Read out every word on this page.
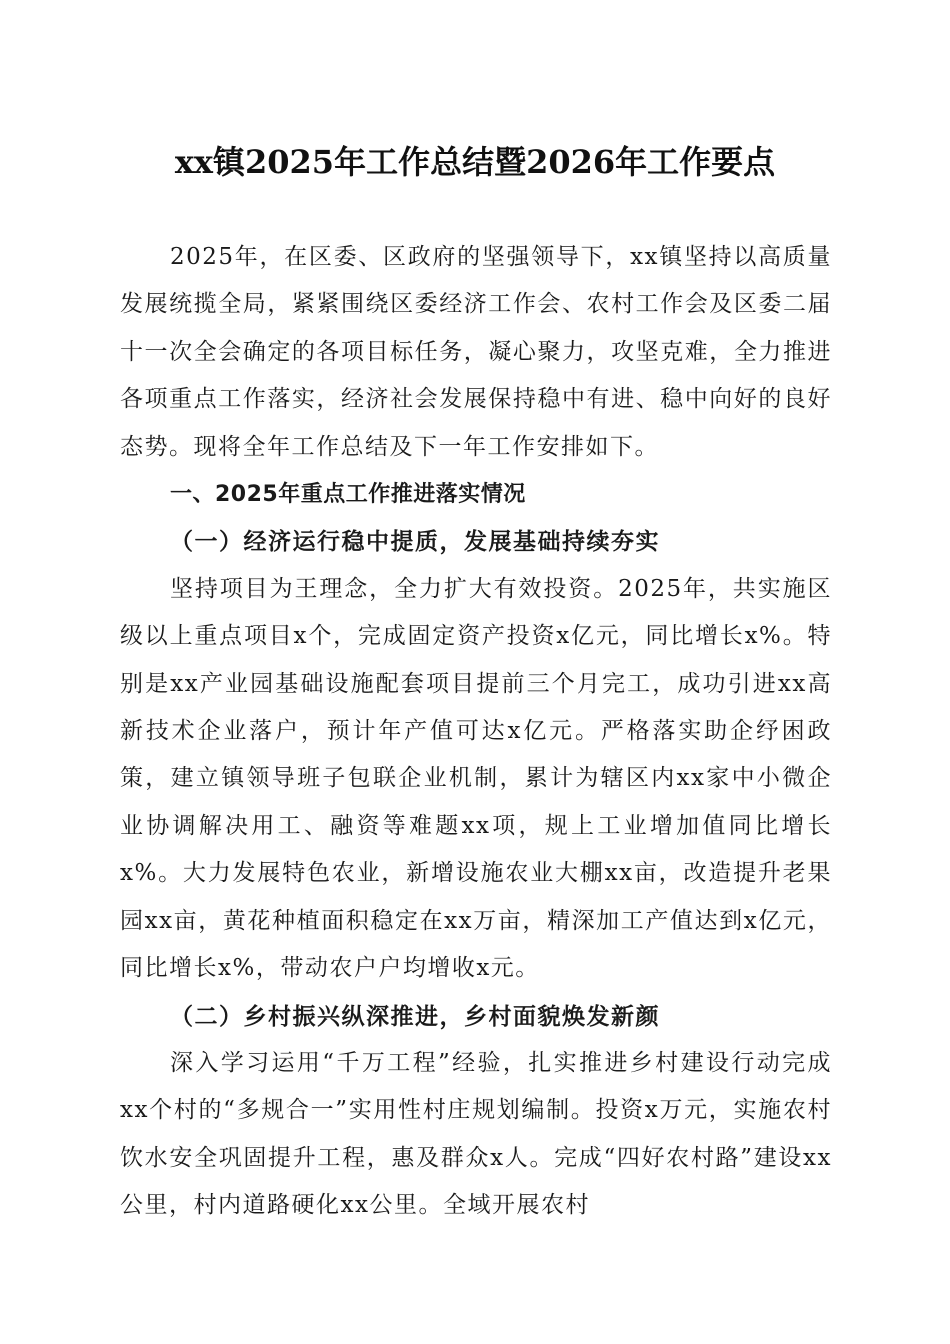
xx镇2025年工作总结暨2026年工作要点

2025年，在区委、区政府的坚强领导下，xx镇坚持以高质量发展统揽全局，紧紧围绕区委经济工作会、农村工作会及区委二届十一次全会确定的各项目标任务，凝心聚力，攻坚克难，全力推进各项重点工作落实，经济社会发展保持稳中有进、稳中向好的良好态势。现将全年工作总结及下一年工作安排如下。

一、2025年重点工作推进落实情况

（一）经济运行稳中提质，发展基础持续夯实

坚持项目为王理念，全力扩大有效投资。2025年，共实施区级以上重点项目x个，完成固定资产投资x亿元，同比增长x%。特别是xx产业园基础设施配套项目提前三个月完工，成功引进xx高新技术企业落户，预计年产值可达x亿元。严格落实助企纾困政策，建立镇领导班子包联企业机制，累计为辖区内xx家中小微企业协调解决用工、融资等难题xx项，规上工业增加值同比增长x%。大力发展特色农业，新增设施农业大棚xx亩，改造提升老果园xx亩，黄花种植面积稳定在xx万亩，精深加工产值达到x亿元，同比增长x%，带动农户户均增收x元。

（二）乡村振兴纵深推进，乡村面貌焕发新颜

深入学习运用“千万工程”经验，扎实推进乡村建设行动完成xx个村的“多规合一”实用性村庄规划编制。投资x万元，实施农村饮水安全巩固提升工程，惠及群众x人。完成“四好农村路”建设xx公里，村内道路硬化xx公里。全域开展农村
